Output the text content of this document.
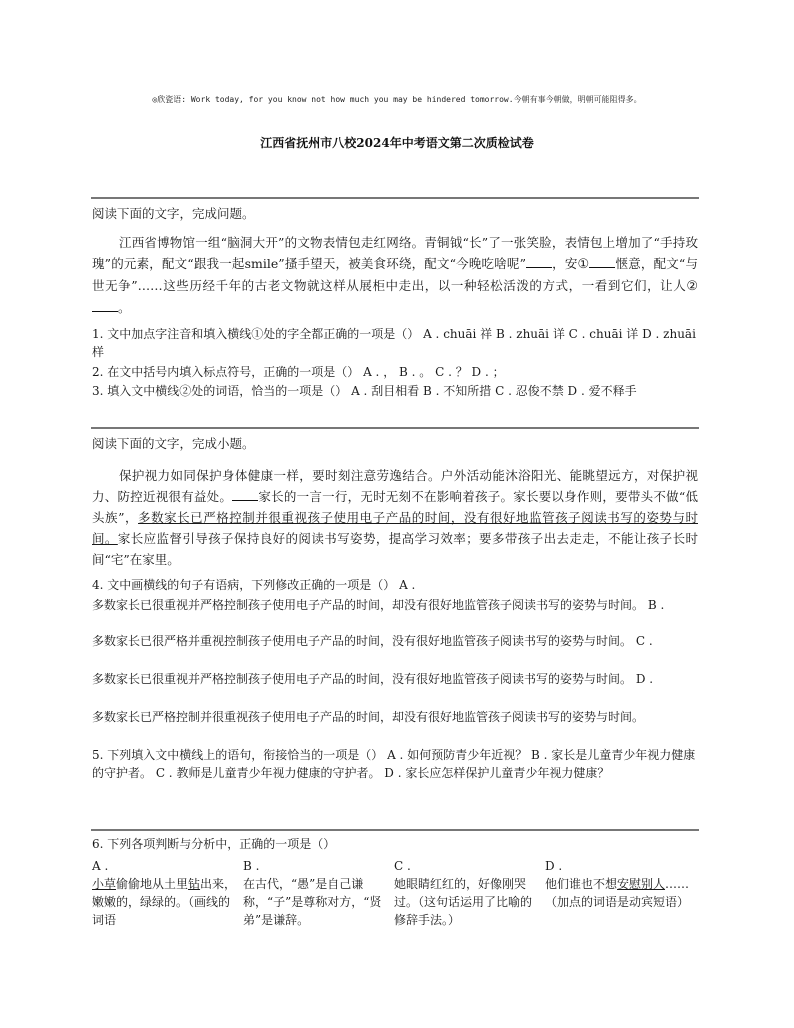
◎欣瓷语: Work today, for you know not how much you may be hindered tomorrow.今朝有事今朝做，明朝可能阻得多。
江西省抚州市八校2024年中考语文第二次质检试卷
阅读下面的文字，完成问题。
江西省博物馆一组“脑洞大开”的文物表情包走红网络。青铜钺“长”了一张笑脸，表情包上增加了“手持玫瑰”的元素，配文“跟我一起smile”搔手望天，被美食环绕，配文“今晚吃啥呢” ，安① 惬意，配文“与世无争”……这些历经千年的古老文物就这样从展柜中走出，以一种轻松活泼的方式，一看到它们，让人②。
1. 文中加点字注音和填入横线①处的字全都正确的一项是（） A . chuāi 祥 B . zhuāi 详 C . chuāi 详 D . zhuāi 样
2. 在文中括号内填入标点符号，正确的一项是（） A . ， B . 。 C . ？ D . ；
3. 填入文中横线②处的词语，恰当的一项是（） A . 刮目相看 B . 不知所措 C . 忍俊不禁 D . 爱不释手
阅读下面的文字，完成小题。
保护视力如同保护身体健康一样，要时刻注意劳逸结合。户外活动能沐浴阳光、能眺望远方，对保护视力、防控近视很有益处。 家长的一言一行，无时无刻不在影响着孩子。家长要以身作则，要带头不做“低头族”，多数家长已严格控制并很重视孩子使用电子产品的时间，没有很好地监管孩子阅读书写的姿势与时间。家长应监督引导孩子保持良好的阅读书写姿势，提高学习效率；要多带孩子出去走走，不能让孩子长时间“宅”在家里。
4. 文中画横线的句子有语病，下列修改正确的一项是（） A .
多数家长已很重视并严格控制孩子使用电子产品的时间，却没有很好地监管孩子阅读书写的姿势与时间。 B .
多数家长已很严格并重视控制孩子使用电子产品的时间，没有很好地监管孩子阅读书写的姿势与时间。 C .
多数家长已很重视并严格控制孩子使用电子产品的时间，没有很好地监管孩子阅读书写的姿势与时间。 D .
多数家长已严格控制并很重视孩子使用电子产品的时间，却没有很好地监管孩子阅读书写的姿势与时间。
5. 下列填入文中横线上的语句，衔接恰当的一项是（） A . 如何预防青少年近视？ B . 家长是儿童青少年视力健康的守护者。 C . 教师是儿童青少年视力健康的守护者。 D . 家长应怎样保护儿童青少年视力健康？
6. 下列各项判断与分析中，正确的一项是（）
A .
小草偷偷地从土里钻出来，嫩嫩的，绿绿的。（画线的词语
B .
在古代，“愚”是自己谦称，“子”是尊称对方，“贤弟”是谦辞。
C .
她眼睛红红的，好像刚哭过。（这句话运用了比喻的修辞手法。）
D .
他们谁也不想安慰别人……（加点的词语是动宾短语）
